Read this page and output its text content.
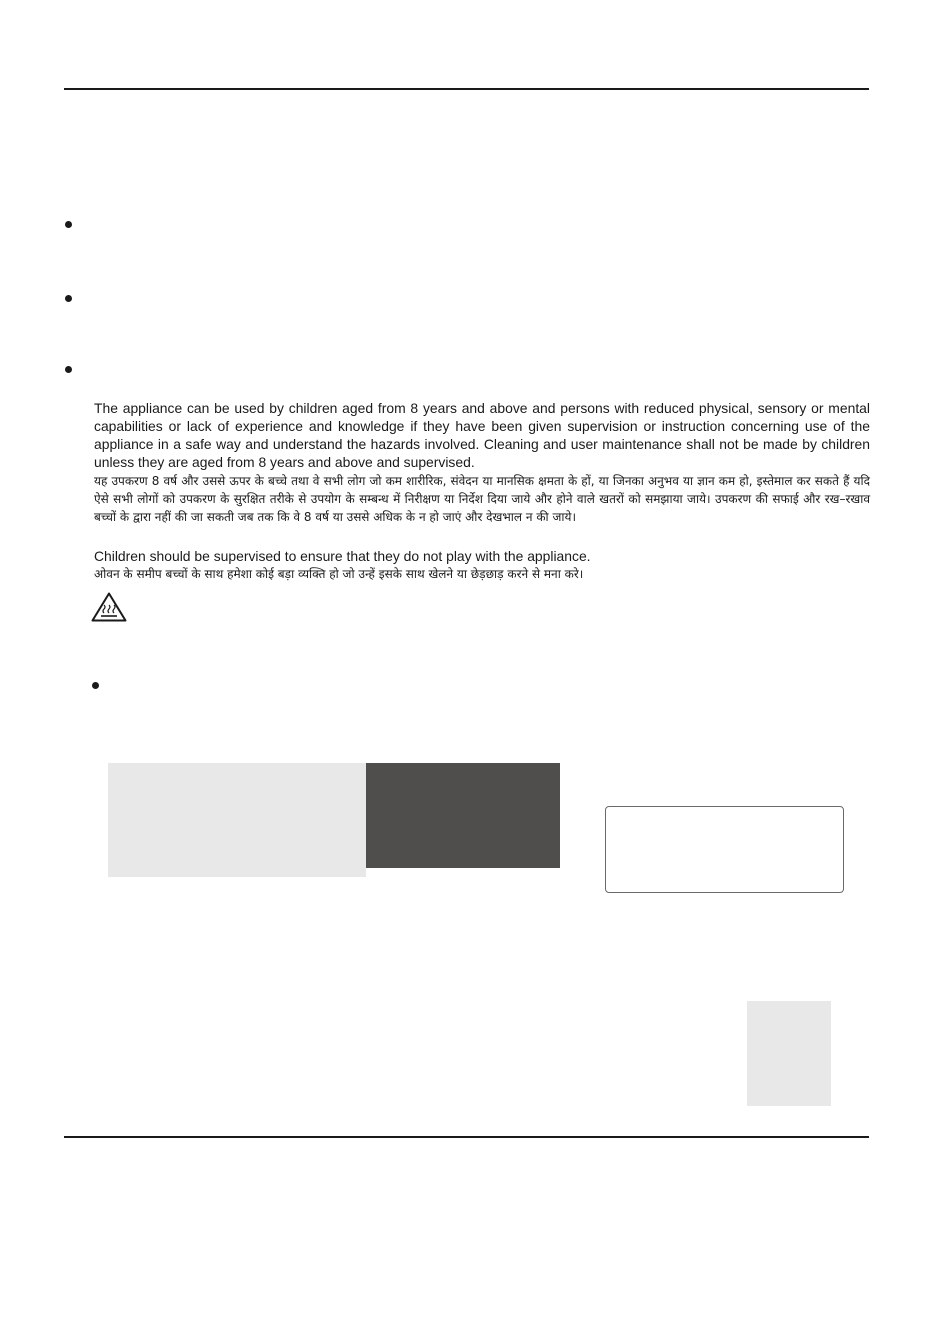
The appliance can be used by children aged from 8 years and above and persons with reduced physical, sensory or mental capabilities or lack of experience and knowledge if they have been given supervision or instruction concerning use of the appliance in a safe way and understand the hazards involved. Cleaning and user maintenance shall not be made by children unless they are aged from 8 years and above and supervised.
यह उपकरण 8 वर्ष और उससे ऊपर के बच्चे तथा वे सभी लोग जो कम शारीरिक, संवेदन या मानसिक क्षमता के हों, या जिनका अनुभव या ज्ञान कम हो, इस्तेमाल कर सकते हैं यदि ऐसे सभी लोगों को उपकरण के सुरक्षित तरीके से उपयोग के सम्बन्ध में निरीक्षण या निर्देश दिया जाये और होने वाले खतरों को समझाया जाये। उपकरण की सफाई और रख–रखाव बच्चों के द्वारा नहीं की जा सकती जब तक कि वे 8 वर्ष या उससे अधिक के न हो जाएं और देखभाल न की जाये।
Children should be supervised to ensure that they do not play with the appliance.
ओवन के समीप बच्चों के साथ हमेशा कोई बड़ा व्यक्ति हो जो उन्हें इसके साथ खेलने या छेड़छाड़ करने से मना करे।
